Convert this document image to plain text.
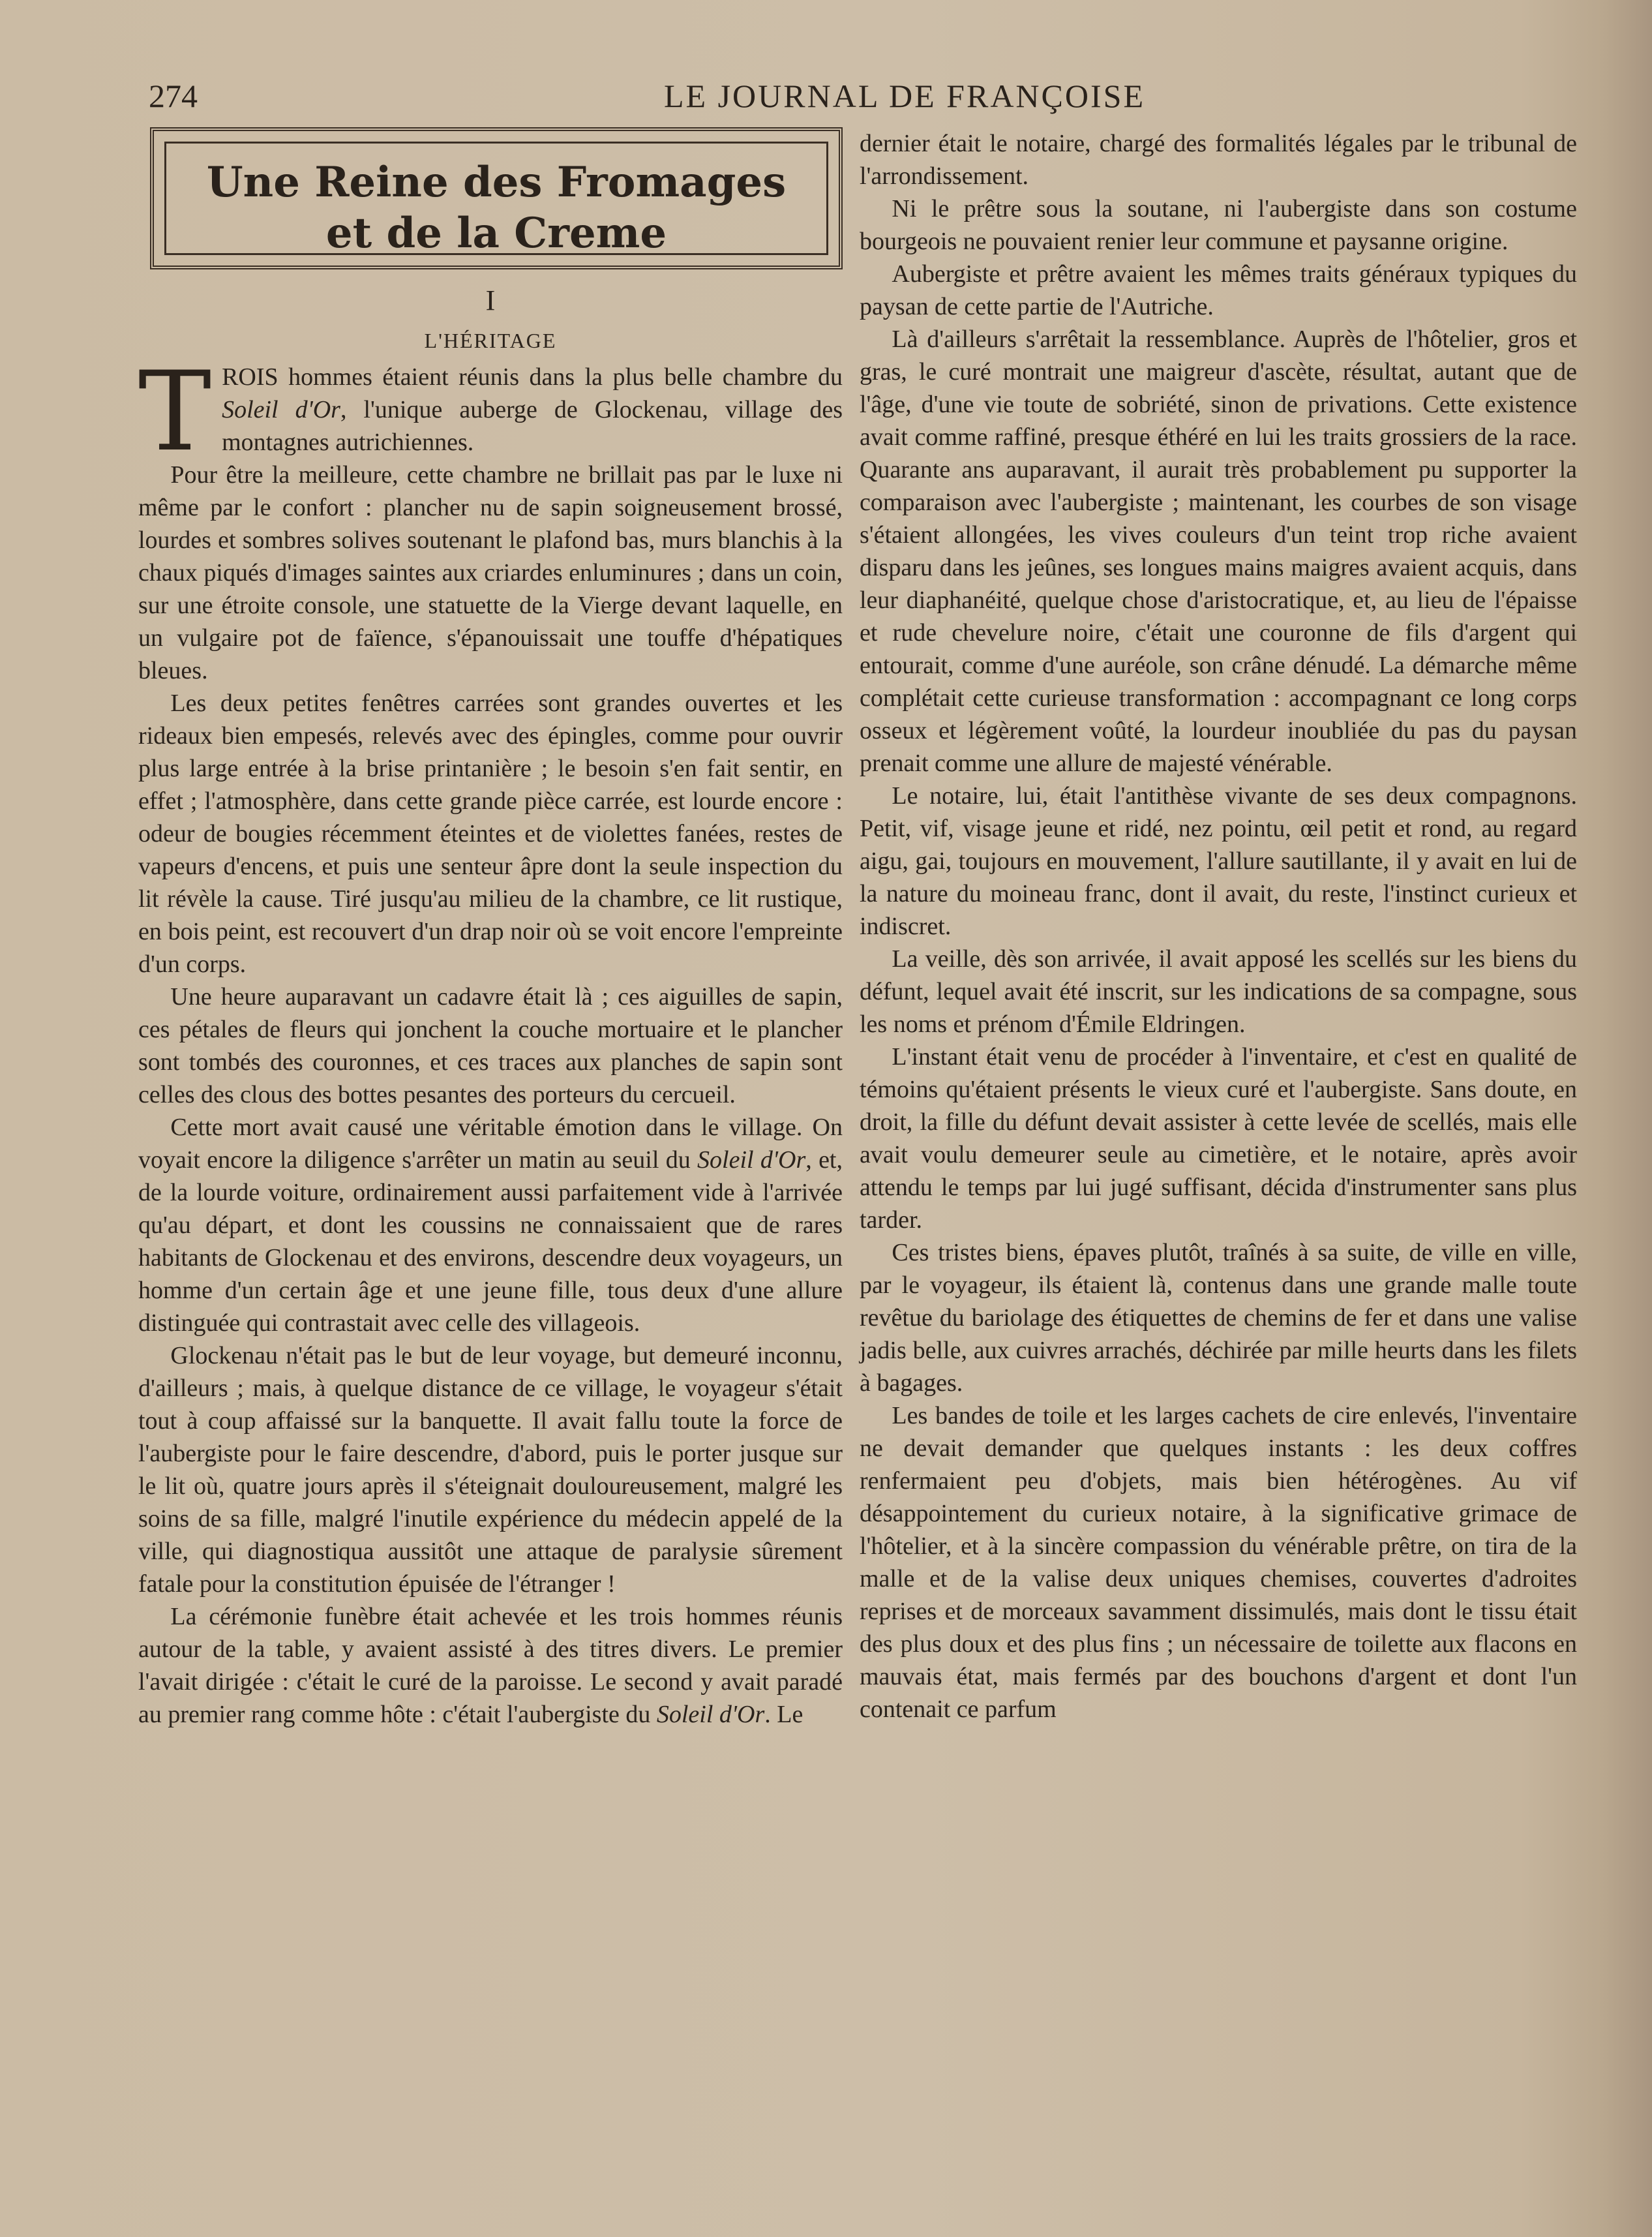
274	LE JOURNAL DE FRANÇOISE
Une Reine des Fromages
et de la Creme
I
L'HÉRITAGE

TROIS hommes étaient réunis dans la plus belle chambre du Soleil d'Or, l'unique auberge de Glockenau, village des montagnes autrichiennes.

Pour être la meilleure, cette chambre ne brillait pas par le luxe ni même par le confort : plancher nu de sapin soigneusement brossé, lourdes et sombres solives soutenant le plafond bas, murs blanchis à la chaux piqués d'images saintes aux criardes enluminures ; dans un coin, sur une étroite console, une statuette de la Vierge devant laquelle, en un vulgaire pot de faïence, s'épanouissait une touffe d'hépatiques bleues.

Les deux petites fenêtres carrées sont grandes ouvertes et les rideaux bien empesés, relevés avec des épingles, comme pour ouvrir plus large entrée à la brise printanière ; le besoin s'en fait sentir, en effet ; l'atmosphère, dans cette grande pièce carrée, est lourde encore : odeur de bougies récemment éteintes et de violettes fanées, restes de vapeurs d'encens, et puis une senteur âpre dont la seule inspection du lit révèle la cause. Tiré jusqu'au milieu de la chambre, ce lit rustique, en bois peint, est recouvert d'un drap noir où se voit encore l'empreinte d'un corps.

Une heure auparavant un cadavre était là ; ces aiguilles de sapin, ces pétales de fleurs qui jonchent la couche mortuaire et le plancher sont tombés des couronnes, et ces traces aux planches de sapin sont celles des clous des bottes pesantes des porteurs du cercueil.

Cette mort avait causé une véritable émotion dans le village. On voyait encore la diligence s'arrêter un matin au seuil du Soleil d'Or, et, de la lourde voiture, ordinairement aussi parfaitement vide à l'arrivée qu'au départ, et dont les coussins ne connaissaient que de rares habitants de Glockenau et des environs, descendre deux voyageurs, un homme d'un certain âge et une jeune fille, tous deux d'une allure distinguée qui contrastait avec celle des villageois.

Glockenau n'était pas le but de leur voyage, but demeuré inconnu, d'ailleurs ; mais, à quelque distance de ce village, le voyageur s'était tout à coup affaissé sur la banquette. Il avait fallu toute la force de l'aubergiste pour le faire descendre, d'abord, puis le porter jusque sur le lit où, quatre jours après il s'éteignait douloureusement, malgré les soins de sa fille, malgré l'inutile expérience du médecin appelé de la ville, qui diagnostiqua aussitôt une attaque de paralysie sûrement fatale pour la constitution épuisée de l'étranger !

La cérémonie funèbre était achevée et les trois hommes réunis autour de la table, y avaient assisté à des titres divers. Le premier l'avait dirigée : c'était le curé de la paroisse. Le second y avait paradé au premier rang comme hôte : c'était l'aubergiste du Soleil d'Or. Le

dernier était le notaire, chargé des formalités légales par le tribunal de l'arrondissement.

Ni le prêtre sous la soutane, ni l'aubergiste dans son costume bourgeois ne pouvaient renier leur commune et paysanne origine.

Aubergiste et prêtre avaient les mêmes traits généraux typiques du paysan de cette partie de l'Autriche.

Là d'ailleurs s'arrêtait la ressemblance. Auprès de l'hôtelier, gros et gras, le curé montrait une maigreur d'ascète, résultat, autant que de l'âge, d'une vie toute de sobriété, sinon de privations. Cette existence avait comme raffiné, presque éthéré en lui les traits grossiers de la race. Quarante ans auparavant, il aurait très probablement pu supporter la comparaison avec l'aubergiste ; maintenant, les courbes de son visage s'étaient allongées, les vives couleurs d'un teint trop riche avaient disparu dans les jeûnes, ses longues mains maigres avaient acquis, dans leur diaphanéité, quelque chose d'aristocratique, et, au lieu de l'épaisse et rude chevelure noire, c'était une couronne de fils d'argent qui entourait, comme d'une auréole, son crâne dénudé. La démarche même complétait cette curieuse transformation : accompagnant ce long corps osseux et légèrement voûté, la lourdeur inoubliée du pas du paysan prenait comme une allure de majesté vénérable.

Le notaire, lui, était l'antithèse vivante de ses deux compagnons. Petit, vif, visage jeune et ridé, nez pointu, œil petit et rond, au regard aigu, gai, toujours en mouvement, l'allure sautillante, il y avait en lui de la nature du moineau franc, dont il avait, du reste, l'instinct curieux et indiscret.

La veille, dès son arrivée, il avait apposé les scellés sur les biens du défunt, lequel avait été inscrit, sur les indications de sa compagne, sous les noms et prénom d'Émile Eldringen.

L'instant était venu de procéder à l'inventaire, et c'est en qualité de témoins qu'étaient présents le vieux curé et l'aubergiste. Sans doute, en droit, la fille du défunt devait assister à cette levée de scellés, mais elle avait voulu demeurer seule au cimetière, et le notaire, après avoir attendu le temps par lui jugé suffisant, décida d'instrumenter sans plus tarder.

Ces tristes biens, épaves plutôt, traînés à sa suite, de ville en ville, par le voyageur, ils étaient là, contenus dans une grande malle toute revêtue du bariolage des étiquettes de chemins de fer et dans une valise jadis belle, aux cuivres arrachés, déchirée par mille heurts dans les filets à bagages.

Les bandes de toile et les larges cachets de cire enlevés, l'inventaire ne devait demander que quelques instants : les deux coffres renfermaient peu d'objets, mais bien hétérogènes. Au vif désappointement du curieux notaire, à la significative grimace de l'hôtelier, et à la sincère compassion du vénérable prêtre, on tira de la malle et de la valise deux uniques chemises, couvertes d'adroites reprises et de morceaux savamment dissimulés, mais dont le tissu était des plus doux et des plus fins ; un nécessaire de toilette aux flacons en mauvais état, mais fermés par des bouchons d'argent et dont l'un contenait ce parfum
